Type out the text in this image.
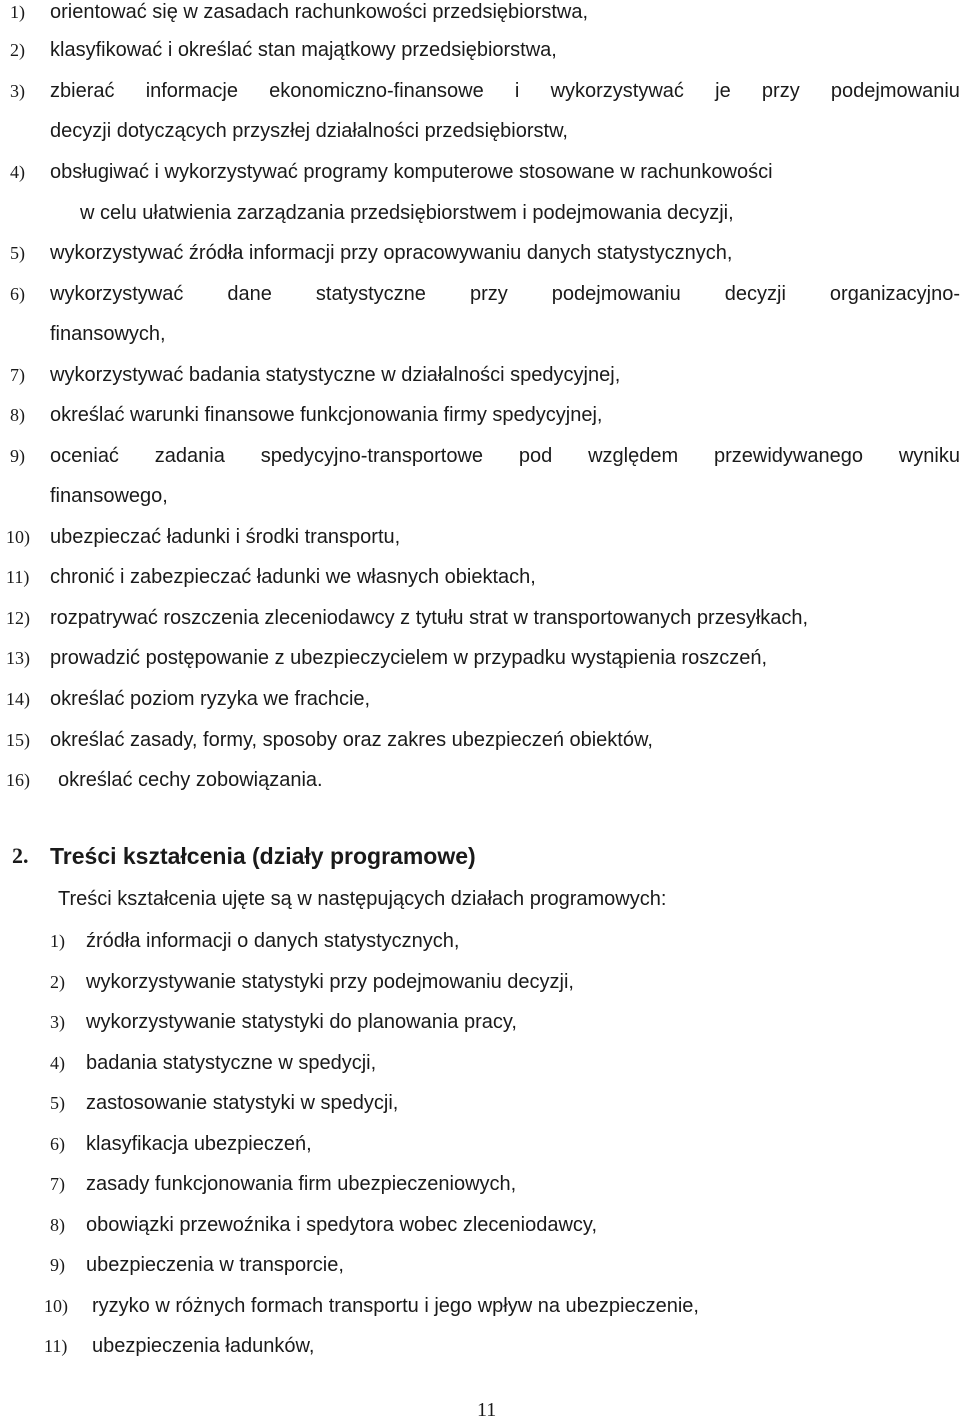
1) orientować się w zasadach rachunkowości przedsiębiorstwa,
2) klasyfikować i określać stan majątkowy przedsiębiorstwa,
3) zbierać informacje ekonomiczno-finansowe i wykorzystywać je przy podejmowaniu
decyzji dotyczących przyszłej działalności przedsiębiorstw,
4) obsługiwać i wykorzystywać programy komputerowe stosowane w rachunkowości
w celu ułatwienia zarządzania przedsiębiorstwem i podejmowania decyzji,
5) wykorzystywać źródła informacji przy opracowywaniu danych statystycznych,
6) wykorzystywać dane statystyczne przy podejmowaniu decyzji organizacyjno-
finansowych,
7) wykorzystywać badania statystyczne w działalności spedycyjnej,
8) określać warunki finansowe funkcjonowania firmy spedycyjnej,
9) oceniać zadania spedycyjno-transportowe pod względem przewidywanego wyniku
finansowego,
10) ubezpieczać ładunki i środki transportu,
11) chronić i zabezpieczać ładunki we własnych obiektach,
12) rozpatrywać roszczenia zleceniodawcy z tytułu strat w transportowanych przesyłkach,
13) prowadzić postępowanie z ubezpieczycielem w przypadku wystąpienia roszczeń,
14) określać poziom ryzyka we frachcie,
15) określać zasady, formy, sposoby oraz zakres ubezpieczeń obiektów,
16) określać cechy zobowiązania.
2. Treści kształcenia (działy programowe)
Treści kształcenia ujęte są w następujących działach programowych:
1) źródła informacji o danych statystycznych,
2) wykorzystywanie statystyki przy podejmowaniu decyzji,
3) wykorzystywanie statystyki do planowania pracy,
4) badania statystyczne w spedycji,
5) zastosowanie statystyki w spedycji,
6) klasyfikacja ubezpieczeń,
7) zasady funkcjonowania firm ubezpieczeniowych,
8) obowiązki przewoźnika i spedytora wobec zleceniodawcy,
9) ubezpieczenia w transporcie,
10) ryzyko w różnych formach transportu i jego wpływ na ubezpieczenie,
11) ubezpieczenia ładunków,
11
